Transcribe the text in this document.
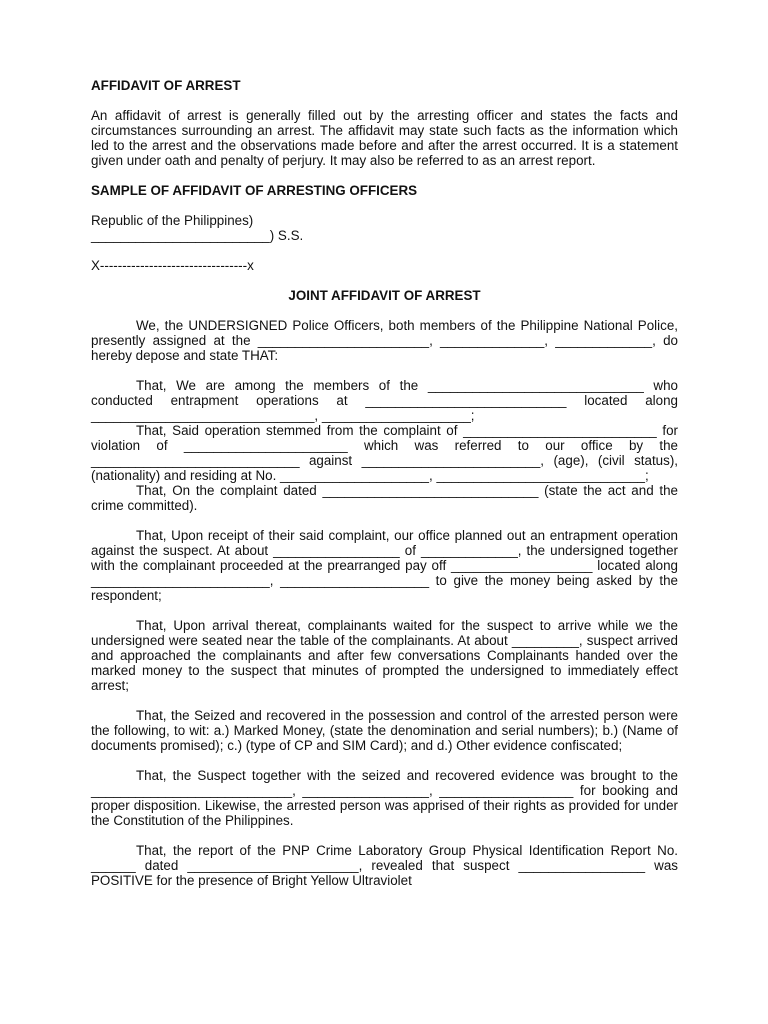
AFFIDAVIT OF ARREST

An affidavit of arrest is generally filled out by the arresting officer and states the facts and circumstances surrounding an arrest. The affidavit may state such facts as the information which led to the arrest and the observations made before and after the arrest occurred. It is a statement given under oath and penalty of perjury. It may also be referred to as an arrest report.

SAMPLE OF AFFIDAVIT OF ARRESTING OFFICERS

Republic of the Philippines)

________________________) S.S.

X---------------------------------x

JOINT AFFIDAVIT OF ARREST

We, the UNDERSIGNED Police Officers, both members of the Philippine National Police, presently assigned at the _______________________, ______________, _____________, do hereby depose and state THAT:

That, We are among the members of the _____________________________ who conducted entrapment operations at ___________________________ located along ______________________________, ____________________;

That, Said operation stemmed from the complaint of __________________________ for violation of ______________________ which was referred to our office by the ____________________________ against ________________________, (age), (civil status), (nationality) and residing at No. ____________________, ____________________________;

That, On the complaint dated _____________________________ (state the act and the crime committed).

That, Upon receipt of their said complaint, our office planned out an entrapment operation against the suspect. At about _________________ of _____________, the undersigned together with the complainant proceeded at the prearranged pay off ___________________ located along ________________________, ____________________ to give the money being asked by the respondent;

That, Upon arrival thereat, complainants waited for the suspect to arrive while we the undersigned were seated near the table of the complainants. At about _________, suspect arrived and approached the complainants and after few conversations Complainants handed over the marked money to the suspect that minutes of prompted the undersigned to immediately effect arrest;

That, the Seized and recovered in the possession and control of the arrested person were the following, to wit: a.) Marked Money, (state the denomination and serial numbers); b.) (Name of documents promised); c.) (type of CP and SIM Card); and d.) Other evidence confiscated;

That, the Suspect together with the seized and recovered evidence was brought to the ___________________________, _________________, __________________ for booking and proper disposition. Likewise, the arrested person was apprised of their rights as provided for under the Constitution of the Philippines.

That, the report of the PNP Crime Laboratory Group Physical Identification Report No. ______ dated _______________________, revealed that suspect _________________ was POSITIVE for the presence of Bright Yellow Ultraviolet
